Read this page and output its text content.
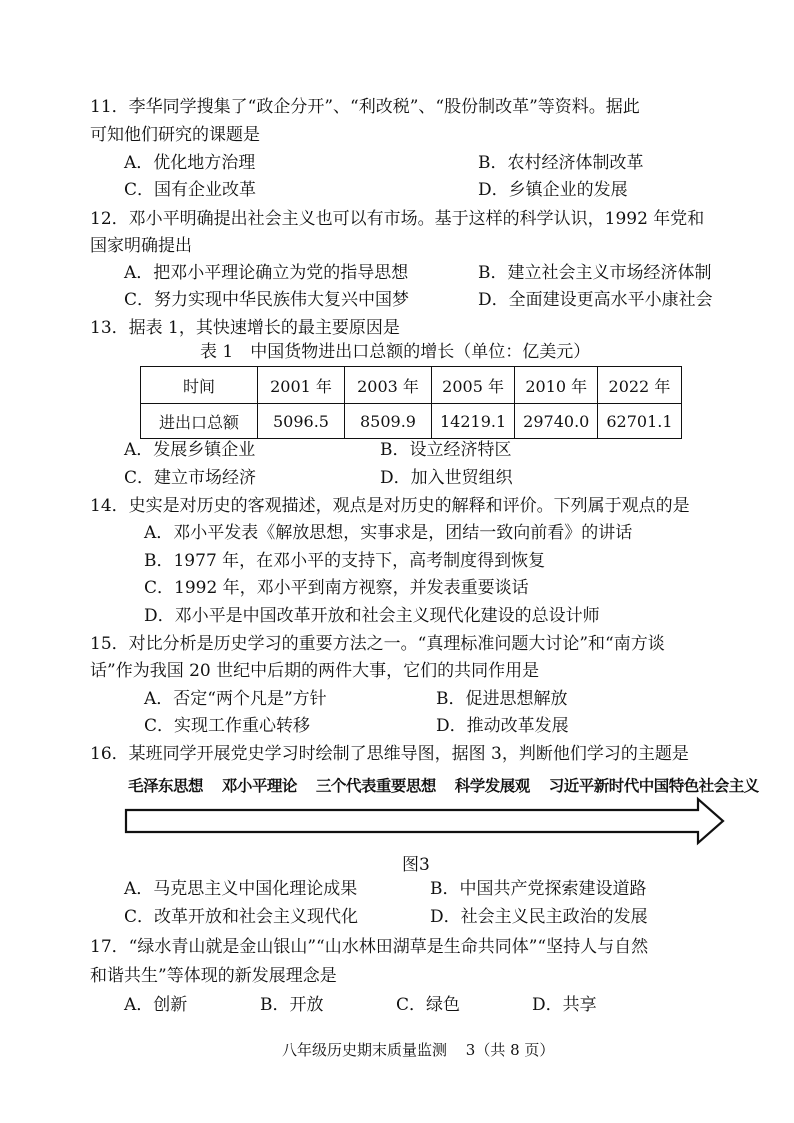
11．李华同学搜集了“政企分开”、“利改税”、“股份制改革”等资料。据此
可知他们研究的课题是
A．优化地方治理	B．农村经济体制改革
C．国有企业改革	D．乡镇企业的发展
12．邓小平明确提出社会主义也可以有市场。基于这样的科学认识，1992 年党和
国家明确提出
A．把邓小平理论确立为党的指导思想	B．建立社会主义市场经济体制
C．努力实现中华民族伟大复兴中国梦	D．全面建设更高水平小康社会
13．据表 1，其快速增长的最主要原因是
表 1　中国货物进出口总额的增长（单位：亿美元）
时间	2001 年	2003 年	2005 年	2010 年	2022 年
进出口总额	5096.5	8509.9	14219.1	29740.0	62701.1
A．发展乡镇企业	B．设立经济特区
C．建立市场经济	D．加入世贸组织
14．史实是对历史的客观描述，观点是对历史的解释和评价。下列属于观点的是
A．邓小平发表《解放思想，实事求是，团结一致向前看》的讲话
B．1977 年，在邓小平的支持下，高考制度得到恢复
C．1992 年，邓小平到南方视察，并发表重要谈话
D．邓小平是中国改革开放和社会主义现代化建设的总设计师
15．对比分析是历史学习的重要方法之一。“真理标准问题大讨论”和“南方谈
话”作为我国 20 世纪中后期的两件大事，它们的共同作用是
A．否定“两个凡是”方针	B．促进思想解放
C．实现工作重心转移	D．推动改革发展
16．某班同学开展党史学习时绘制了思维导图，据图 3，判断他们学习的主题是
毛泽东思想 邓小平理论 三个代表重要思想 科学发展观 习近平新时代中国特色社会主义
图3
A．马克思主义中国化理论成果	B．中国共产党探索建设道路
C．改革开放和社会主义现代化	D．社会主义民主政治的发展
17．“绿水青山就是金山银山”“山水林田湖草是生命共同体”“坚持人与自然
和谐共生”等体现的新发展理念是
A．创新	B．开放	C．绿色	D．共享
八年级历史期末质量监测 3（共 8 页）
